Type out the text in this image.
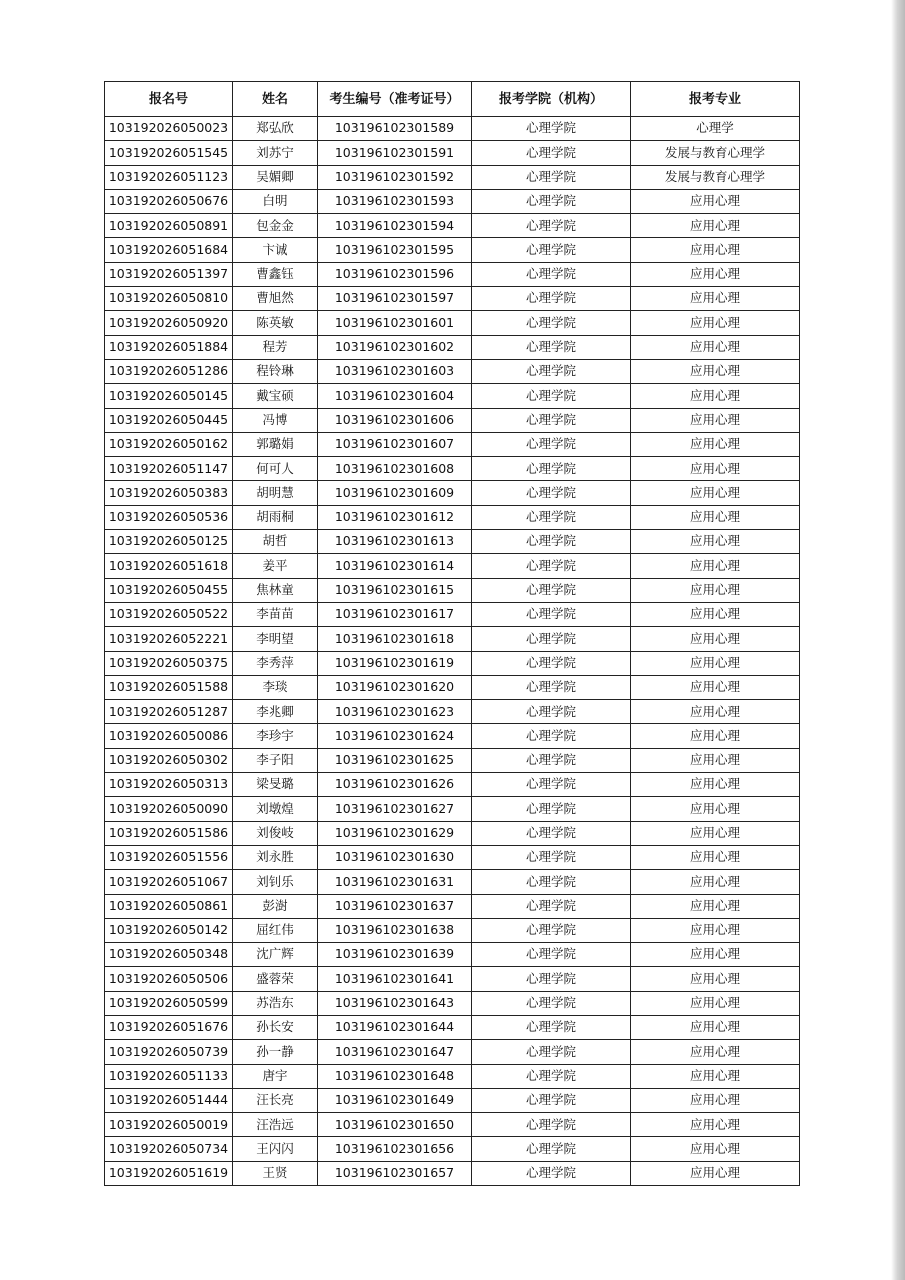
报名号	姓名	考生编号（准考证号）	报考学院（机构）	报考专业
103192026050023	郑弘欣	103196102301589	心理学院	心理学
103192026051545	刘苏宁	103196102301591	心理学院	发展与教育心理学
103192026051123	吴媚卿	103196102301592	心理学院	发展与教育心理学
103192026050676	白明	103196102301593	心理学院	应用心理
103192026050891	包金金	103196102301594	心理学院	应用心理
103192026051684	卞诚	103196102301595	心理学院	应用心理
103192026051397	曹鑫钰	103196102301596	心理学院	应用心理
103192026050810	曹旭然	103196102301597	心理学院	应用心理
103192026050920	陈英敏	103196102301601	心理学院	应用心理
103192026051884	程芳	103196102301602	心理学院	应用心理
103192026051286	程铃琳	103196102301603	心理学院	应用心理
103192026050145	戴宝硕	103196102301604	心理学院	应用心理
103192026050445	冯博	103196102301606	心理学院	应用心理
103192026050162	郭璐娟	103196102301607	心理学院	应用心理
103192026051147	何可人	103196102301608	心理学院	应用心理
103192026050383	胡明慧	103196102301609	心理学院	应用心理
103192026050536	胡雨桐	103196102301612	心理学院	应用心理
103192026050125	胡哲	103196102301613	心理学院	应用心理
103192026051618	姜平	103196102301614	心理学院	应用心理
103192026050455	焦林童	103196102301615	心理学院	应用心理
103192026050522	李苗苗	103196102301617	心理学院	应用心理
103192026052221	李明望	103196102301618	心理学院	应用心理
103192026050375	李秀萍	103196102301619	心理学院	应用心理
103192026051588	李琰	103196102301620	心理学院	应用心理
103192026051287	李兆卿	103196102301623	心理学院	应用心理
103192026050086	李珍宇	103196102301624	心理学院	应用心理
103192026050302	李子阳	103196102301625	心理学院	应用心理
103192026050313	梁旻璐	103196102301626	心理学院	应用心理
103192026050090	刘墩煌	103196102301627	心理学院	应用心理
103192026051586	刘俊岐	103196102301629	心理学院	应用心理
103192026051556	刘永胜	103196102301630	心理学院	应用心理
103192026051067	刘钊乐	103196102301631	心理学院	应用心理
103192026050861	彭澍	103196102301637	心理学院	应用心理
103192026050142	屈红伟	103196102301638	心理学院	应用心理
103192026050348	沈广辉	103196102301639	心理学院	应用心理
103192026050506	盛蓉荣	103196102301641	心理学院	应用心理
103192026050599	苏浩东	103196102301643	心理学院	应用心理
103192026051676	孙长安	103196102301644	心理学院	应用心理
103192026050739	孙一静	103196102301647	心理学院	应用心理
103192026051133	唐宇	103196102301648	心理学院	应用心理
103192026051444	汪长亮	103196102301649	心理学院	应用心理
103192026050019	汪浩远	103196102301650	心理学院	应用心理
103192026050734	王闪闪	103196102301656	心理学院	应用心理
103192026051619	王贤	103196102301657	心理学院	应用心理
